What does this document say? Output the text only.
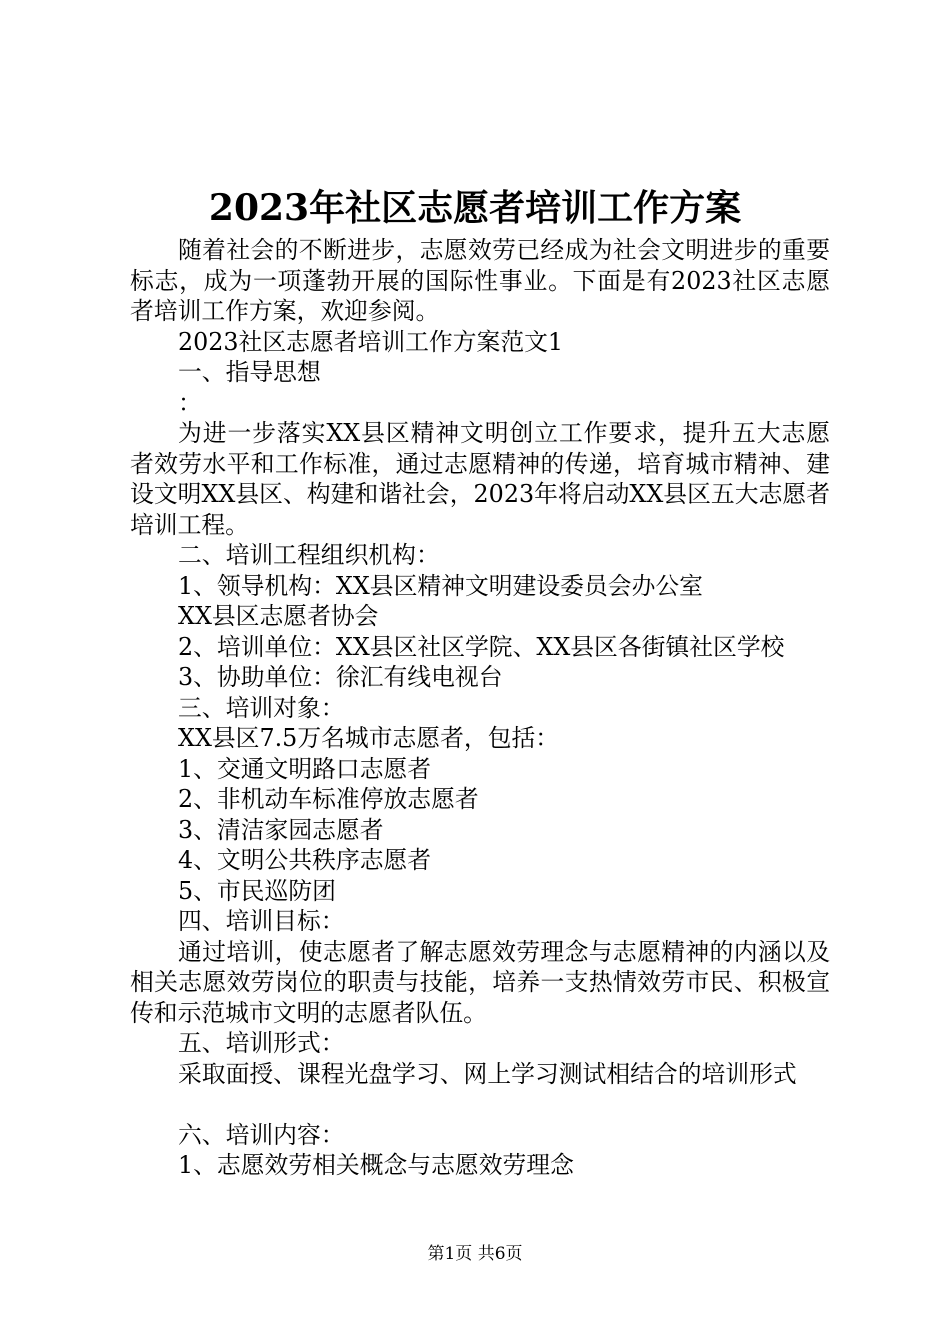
2023年社区志愿者培训工作方案

随着社会的不断进步，志愿效劳已经成为社会文明进步的重要标志，成为一项蓬勃开展的国际性事业。下面是有2023社区志愿者培训工作方案，欢迎参阅。

2023社区志愿者培训工作方案范文1

一、指导思想

：

为进一步落实XX县区精神文明创立工作要求，提升五大志愿者效劳水平和工作标准，通过志愿精神的传递，培育城市精神、建设文明XX县区、构建和谐社会，2023年将启动XX县区五大志愿者培训工程。

二、培训工程组织机构：

1、领导机构：XX县区精神文明建设委员会办公室

XX县区志愿者协会

2、培训单位：XX县区社区学院、XX县区各街镇社区学校

3、协助单位：徐汇有线电视台

三、培训对象：

XX县区7.5万名城市志愿者，包括：

1、交通文明路口志愿者

2、非机动车标准停放志愿者

3、清洁家园志愿者

4、文明公共秩序志愿者

5、市民巡防团

四、培训目标：

通过培训，使志愿者了解志愿效劳理念与志愿精神的内涵以及相关志愿效劳岗位的职责与技能，培养一支热情效劳市民、积极宣传和示范城市文明的志愿者队伍。

五、培训形式：

采取面授、课程光盘学习、网上学习测试相结合的培训形式

六、培训内容：

1、志愿效劳相关概念与志愿效劳理念

第1页 共6页
